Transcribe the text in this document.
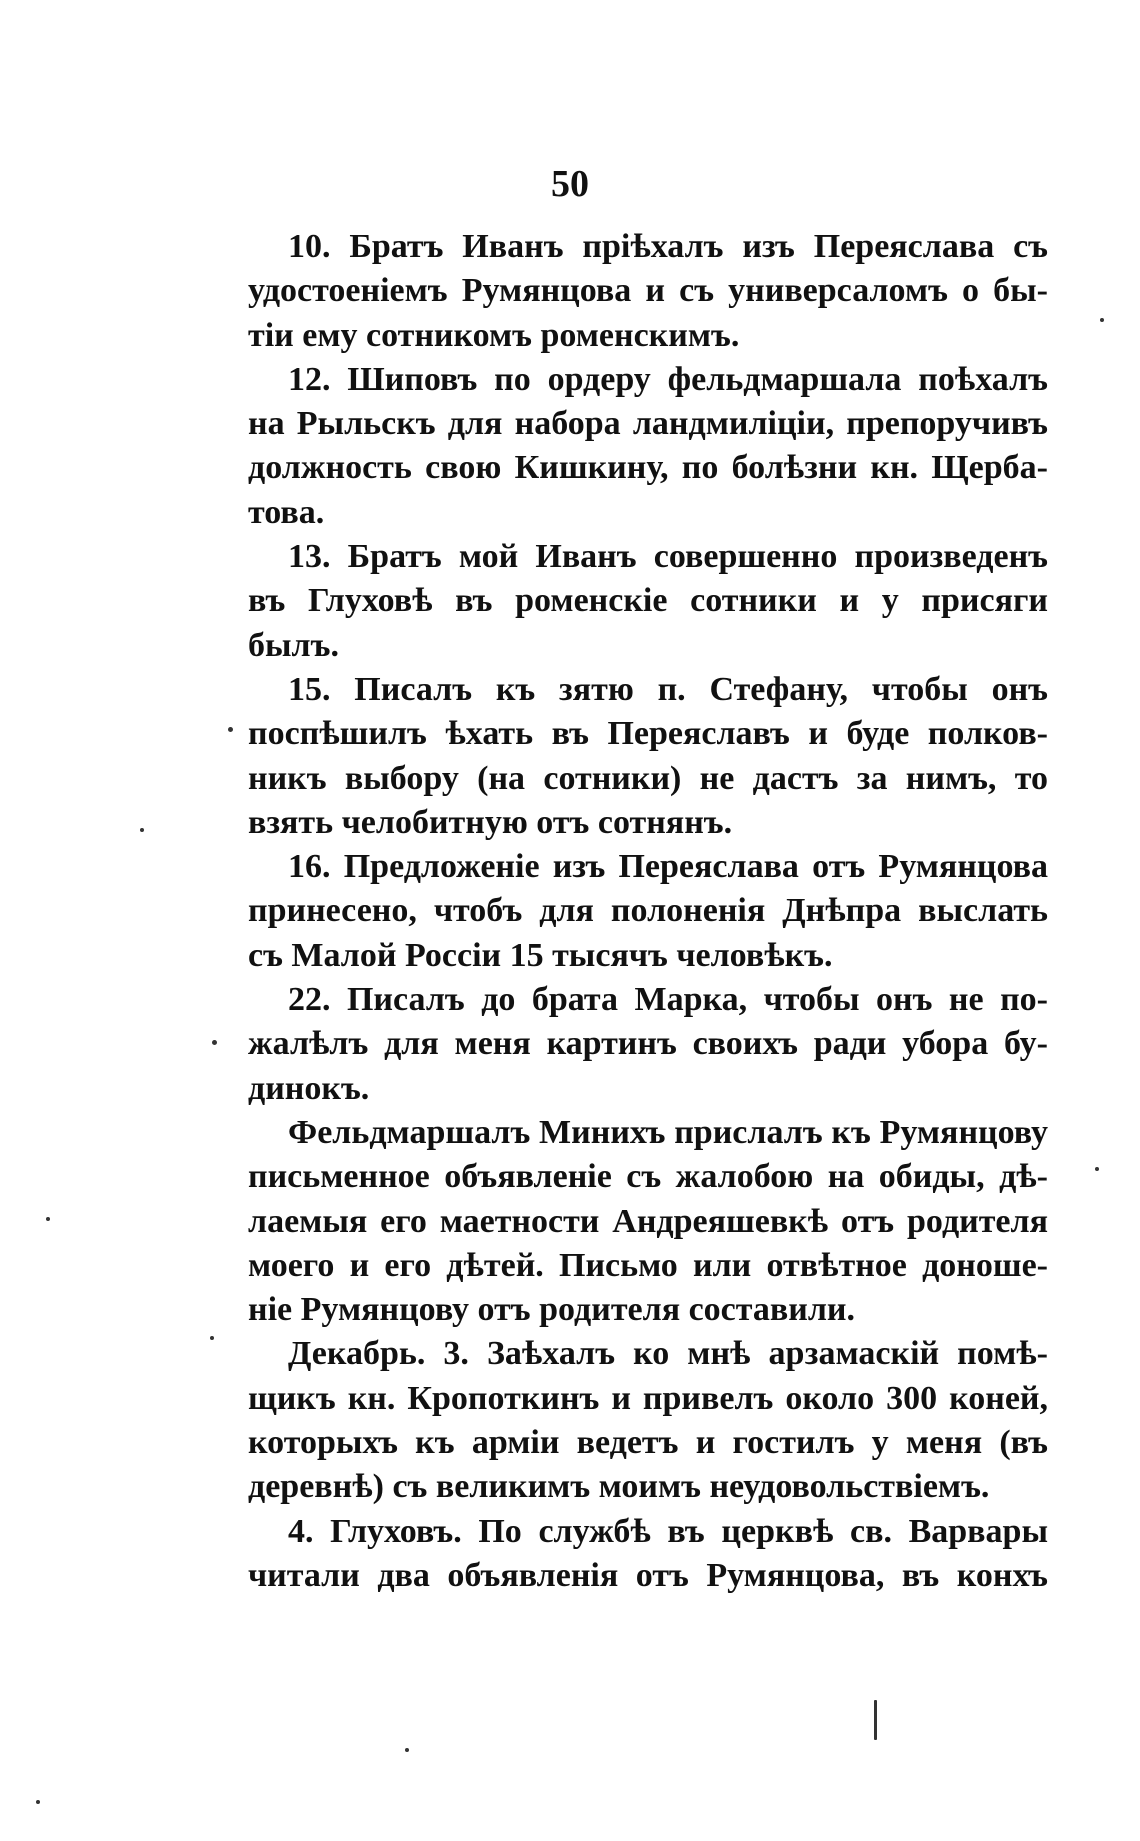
50

10. Братъ Иванъ пріѣхалъ изъ Переяслава съ
удостоеніемъ Румянцова и съ универсаломъ о бы-
тіи ему сотникомъ роменскимъ.

12. Шиповъ по ордеру фельдмаршала поѣхалъ
на Рыльскъ для набора ландмиліціи, препоручивъ
должность свою Кишкину, по болѣзни кн. Щерба-
това.

13. Братъ мой Иванъ совершенно произведенъ
въ Глуховѣ въ роменскіе сотники и у присяги
былъ.

15. Писалъ къ зятю п. Стефану, чтобы онъ
поспѣшилъ ѣхать въ Переяславъ и буде полков-
никъ выбору (на сотники) не дастъ за нимъ, то
взять челобитную отъ сотнянъ.

16. Предложеніе изъ Переяслава отъ Румянцова
принесено, чтобъ для полоненія Днѣпра выслать
съ Малой Россіи 15 тысячъ человѣкъ.

22. Писалъ до брата Марка, чтобы онъ не по-
жалѣлъ для меня картинъ своихъ ради убора бу-
динокъ.

Фельдмаршалъ Минихъ прислалъ къ Румянцову
письменное объявленіе съ жалобою на обиды, дѣ-
лаемыя его маетности Андреяшевкѣ отъ родителя
моего и его дѣтей. Письмо или отвѣтное доноше-
ніе Румянцову отъ родителя составили.

Декабрь. 3. Заѣхалъ ко мнѣ арзамаскій помѣ-
щикъ кн. Кропоткинъ и привелъ около 300 коней,
которыхъ къ арміи ведетъ и гостилъ у меня (въ
деревнѣ) съ великимъ моимъ неудовольствіемъ.

4. Глуховъ. По службѣ въ церквѣ св. Варвары
читали два объявленія отъ Румянцова, въ конхъ
